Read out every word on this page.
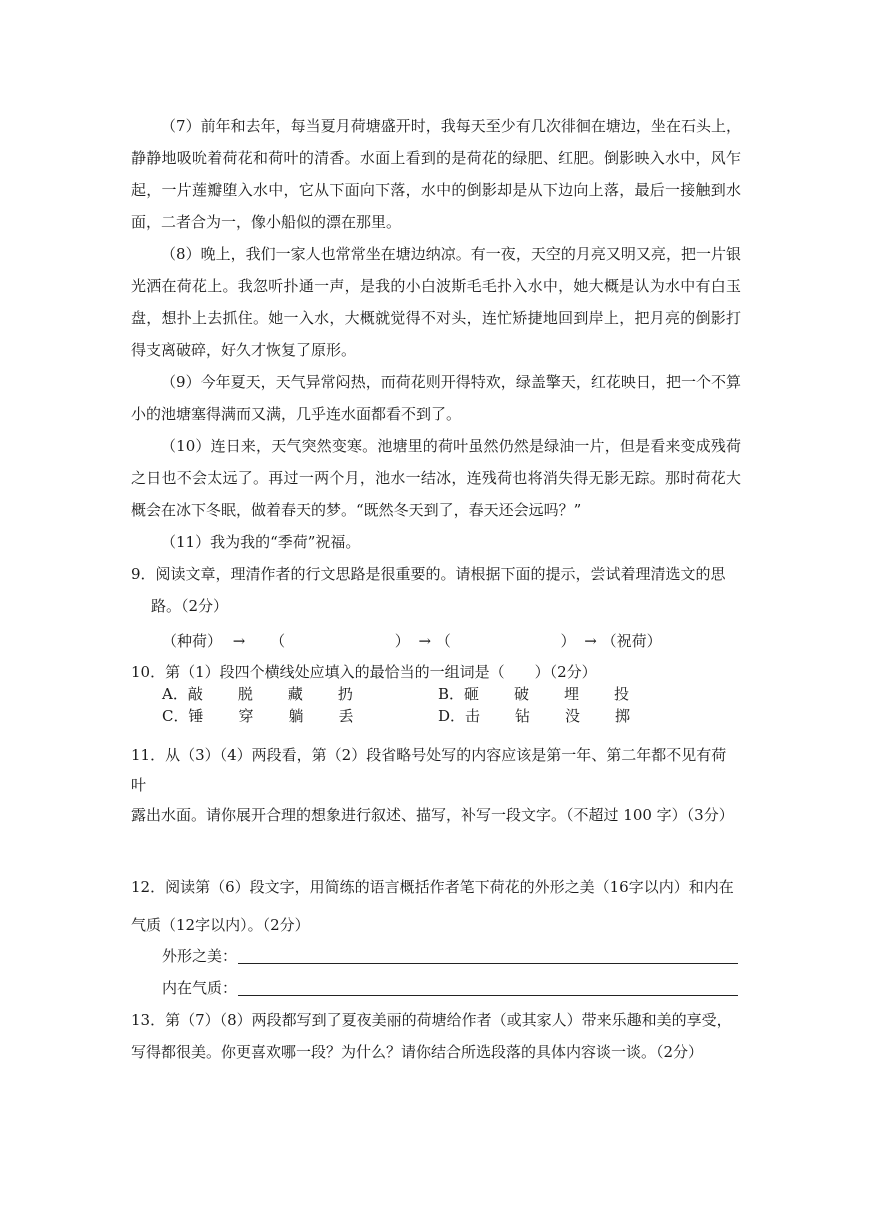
（7）前年和去年，每当夏月荷塘盛开时，我每天至少有几次徘徊在塘边，坐在石头上，静静地吸吮着荷花和荷叶的清香。水面上看到的是荷花的绿肥、红肥。倒影映入水中，风乍起，一片莲瓣堕入水中，它从下面向下落，水中的倒影却是从下边向上落，最后一接触到水面，二者合为一，像小船似的漂在那里。

（8）晚上，我们一家人也常常坐在塘边纳凉。有一夜，天空的月亮又明又亮，把一片银光洒在荷花上。我忽听扑通一声，是我的小白波斯毛毛扑入水中，她大概是认为水中有白玉盘，想扑上去抓住。她一入水，大概就觉得不对头，连忙矫捷地回到岸上，把月亮的倒影打得支离破碎，好久才恢复了原形。

（9）今年夏天，天气异常闷热，而荷花则开得特欢，绿盖擎天，红花映日，把一个不算小的池塘塞得满而又满，几乎连水面都看不到了。

（10）连日来，天气突然变寒。池塘里的荷叶虽然仍然是绿油一片，但是看来变成残荷之日也不会太远了。再过一两个月，池水一结冰，连残荷也将消失得无影无踪。那时荷花大概会在冰下冬眠，做着春天的梦。“既然冬天到了，春天还会远吗？”

（11）我为我的“季荷”祝福。

9．阅读文章，理清作者的行文思路是很重要的。请根据下面的提示，尝试着理清选文的思
路。（2分）
（种荷） → （	） → （	） → （祝荷）
10．第（1）段四个横线处应填入的最恰当的一组词是（　　）（2分）
A．敲 脱 藏 扔	B．砸 破 埋 投
C．锤 穿 躺 丢	D．击 钻 没 掷
11．从（3）（4）两段看，第（2）段省略号处写的内容应该是第一年、第二年都不见有荷叶
露出水面。请你展开合理的想象进行叙述、描写，补写一段文字。（不超过 100 字）（3分）
12．阅读第（6）段文字，用简练的语言概括作者笔下荷花的外形之美（16字以内）和内在
气质（12字以内）。（2分）
外形之美：
内在气质：
13．第（7）（8）两段都写到了夏夜美丽的荷塘给作者（或其家人）带来乐趣和美的享受，
写得都很美。你更喜欢哪一段？为什么？请你结合所选段落的具体内容谈一谈。（2分）
